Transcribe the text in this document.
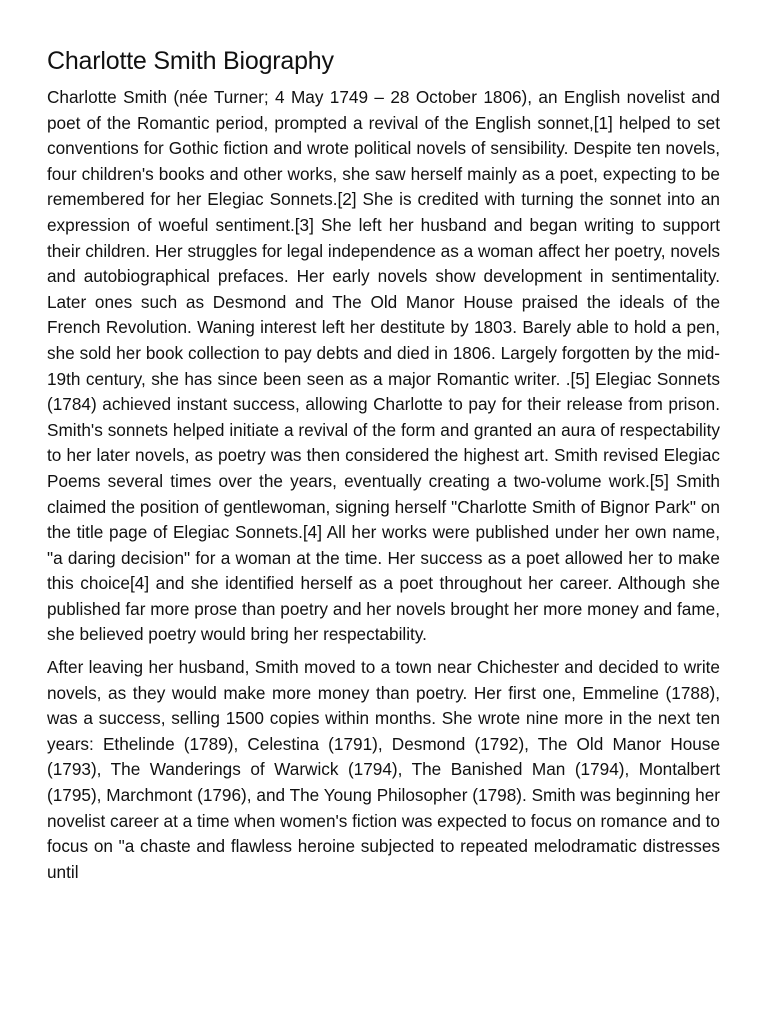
Charlotte Smith Biography

Charlotte Smith (née Turner; 4 May 1749 – 28 October 1806), an English novelist and poet of the Romantic period, prompted a revival of the English sonnet,[1] helped to set conventions for Gothic fiction and wrote political novels of sensibility. Despite ten novels, four children's books and other works, she saw herself mainly as a poet, expecting to be remembered for her Elegiac Sonnets.[2] She is credited with turning the sonnet into an expression of woeful sentiment.[3] She left her husband and began writing to support their children. Her struggles for legal independence as a woman affect her poetry, novels and autobiographical prefaces. Her early novels show development in sentimentality. Later ones such as Desmond and The Old Manor House praised the ideals of the French Revolution. Waning interest left her destitute by 1803. Barely able to hold a pen, she sold her book collection to pay debts and died in 1806. Largely forgotten by the mid-19th century, she has since been seen as a major Romantic writer. .[5] Elegiac Sonnets (1784) achieved instant success, allowing Charlotte to pay for their release from prison. Smith's sonnets helped initiate a revival of the form and granted an aura of respectability to her later novels, as poetry was then considered the highest art. Smith revised Elegiac Poems several times over the years, eventually creating a two-volume work.[5] Smith claimed the position of gentlewoman, signing herself "Charlotte Smith of Bignor Park" on the title page of Elegiac Sonnets.[4] All her works were published under her own name, "a daring decision" for a woman at the time. Her success as a poet allowed her to make this choice[4] and she identified herself as a poet throughout her career. Although she published far more prose than poetry and her novels brought her more money and fame, she believed poetry would bring her respectability.

After leaving her husband, Smith moved to a town near Chichester and decided to write novels, as they would make more money than poetry. Her first one, Emmeline (1788), was a success, selling 1500 copies within months. She wrote nine more in the next ten years: Ethelinde (1789), Celestina (1791), Desmond (1792), The Old Manor House (1793), The Wanderings of Warwick (1794), The Banished Man (1794), Montalbert (1795), Marchmont (1796), and The Young Philosopher (1798). Smith was beginning her novelist career at a time when women's fiction was expected to focus on romance and to focus on "a chaste and flawless heroine subjected to repeated melodramatic distresses until
